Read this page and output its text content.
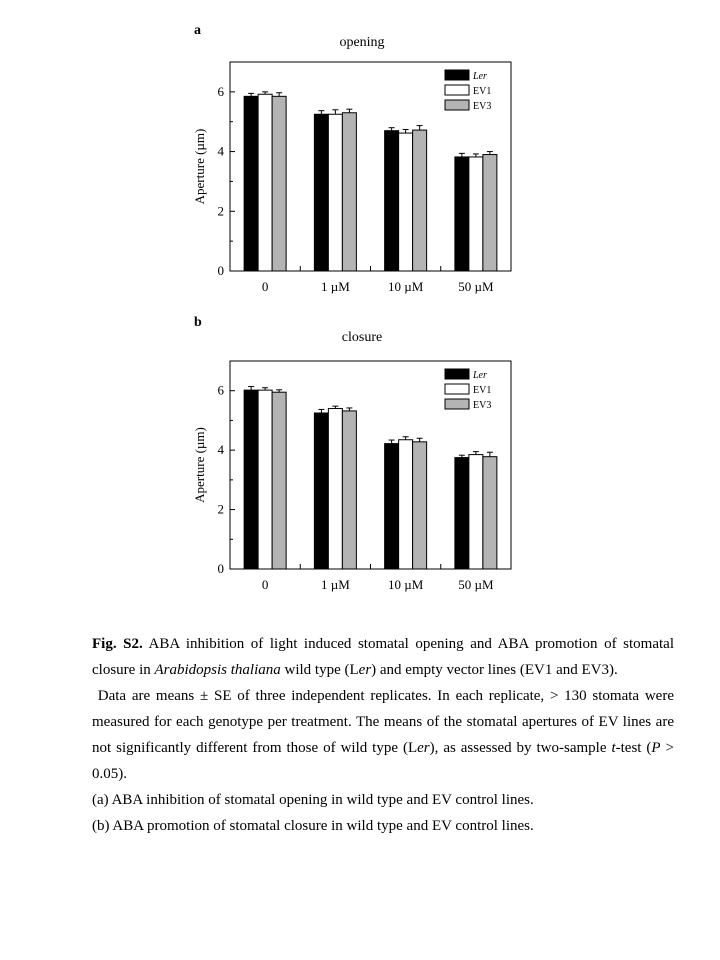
a
opening
b
closure
0
2
4
6
Aperture (µm)
0	1 µM	10 µM	50 µM
Ler
EV1
EV3
0
2
4
6
Aperture (µm)
0	1 µM	10 µM	50 µM
Ler
EV1
EV3

Fig. S2. ABA inhibition of light induced stomatal opening and ABA promotion of stomatal closure in Arabidopsis thaliana wild type (Ler) and empty vector lines (EV1 and EV3).

Data are means ± SE of three independent replicates. In each replicate, > 130 stomata were measured for each genotype per treatment. The means of the stomatal apertures of EV lines are not significantly different from those of wild type (Ler), as assessed by two-sample t-test (P > 0.05).

(a) ABA inhibition of stomatal opening in wild type and EV control lines.

(b) ABA promotion of stomatal closure in wild type and EV control lines.
